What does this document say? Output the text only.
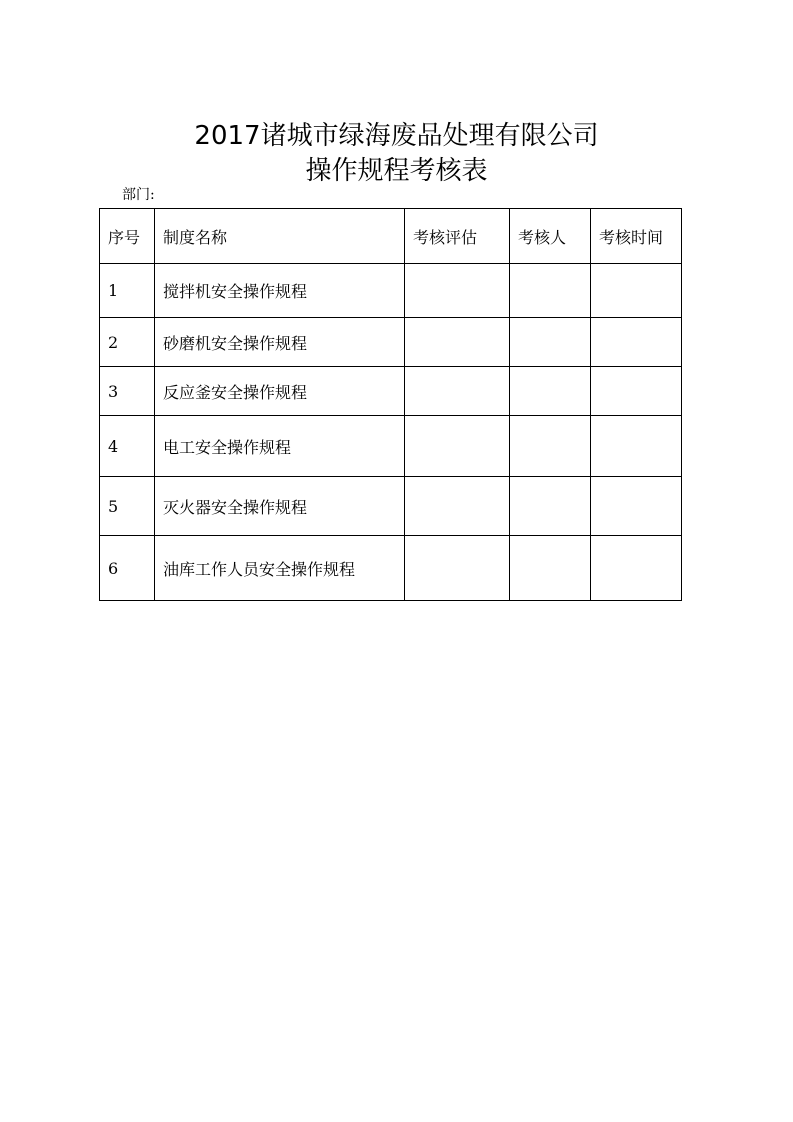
2017诸城市绿海废品处理有限公司
操作规程考核表
部门:
序号	制度名称	考核评估	考核人	考核时间
1	搅拌机安全操作规程			
2	砂磨机安全操作规程			
3	反应釜安全操作规程			
4	电工安全操作规程			
5	灭火器安全操作规程			
6	油库工作人员安全操作规程			
